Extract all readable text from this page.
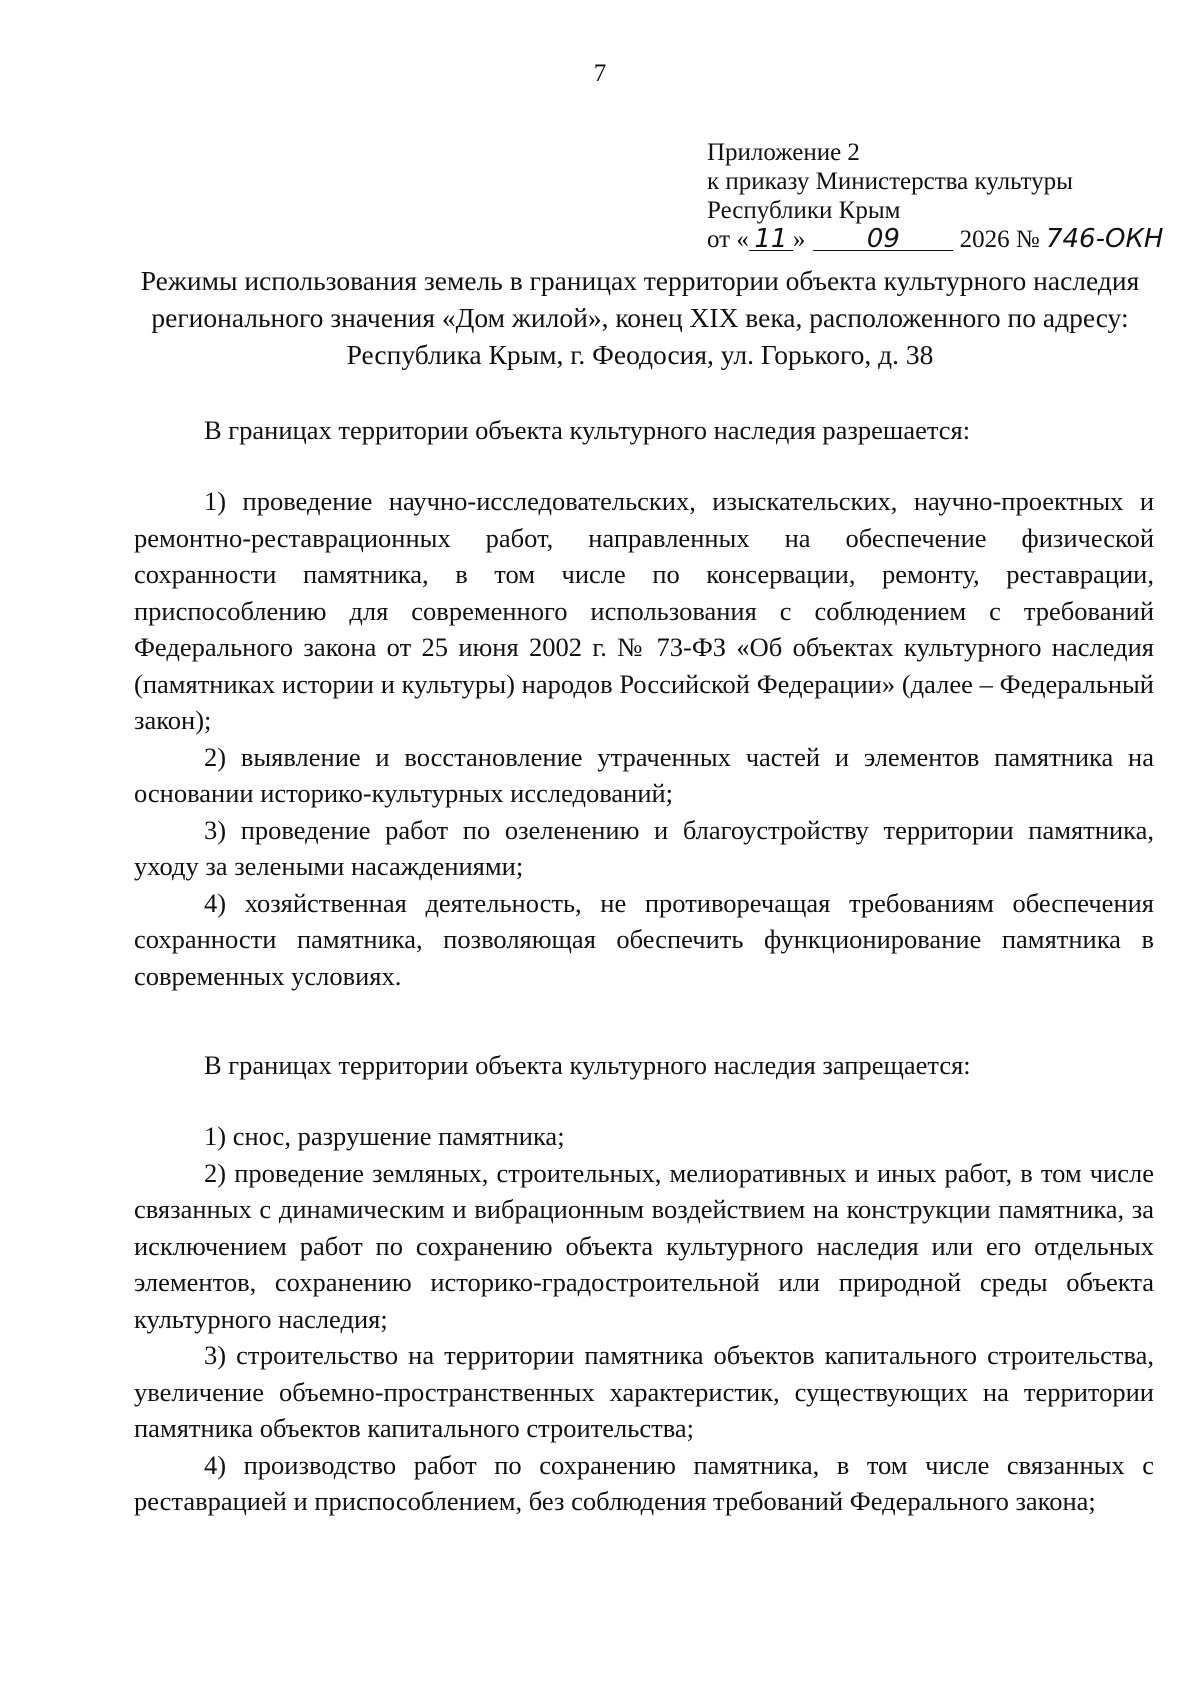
7
Приложение 2
к приказу Министерства культуры
Республики Крым
от « 11 » 09 2026 № 746-ОКН
Режимы использования земель в границах территории объекта культурного наследия регионального значения «Дом жилой», конец XIX века, расположенного по адресу: Республика Крым, г. Феодосия, ул. Горького, д. 38
В границах территории объекта культурного наследия разрешается:

1) проведение научно-исследовательских, изыскательских, научно-проектных и ремонтно-реставрационных работ, направленных на обеспечение физической сохранности памятника, в том числе по консервации, ремонту, реставрации, приспособлению для современного использования с соблюдением с требований Федерального закона от 25 июня 2002 г. № 73-ФЗ «Об объектах культурного наследия (памятниках истории и культуры) народов Российской Федерации» (далее – Федеральный закон);

2) выявление и восстановление утраченных частей и элементов памятника на основании историко-культурных исследований;

3) проведение работ по озеленению и благоустройству территории памятника, уходу за зелеными насаждениями;

4) хозяйственная деятельность, не противоречащая требованиям обеспечения сохранности памятника, позволяющая обеспечить функционирование памятника в современных условиях.

В границах территории объекта культурного наследия запрещается:

1) снос, разрушение памятника;

2) проведение земляных, строительных, мелиоративных и иных работ, в том числе связанных с динамическим и вибрационным воздействием на конструкции памятника, за исключением работ по сохранению объекта культурного наследия или его отдельных элементов, сохранению историко-градостроительной или природной среды объекта культурного наследия;

3) строительство на территории памятника объектов капитального строительства, увеличение объемно-пространственных характеристик, существующих на территории памятника объектов капитального строительства;

4) производство работ по сохранению памятника, в том числе связанных с реставрацией и приспособлением, без соблюдения требований Федерального закона;
